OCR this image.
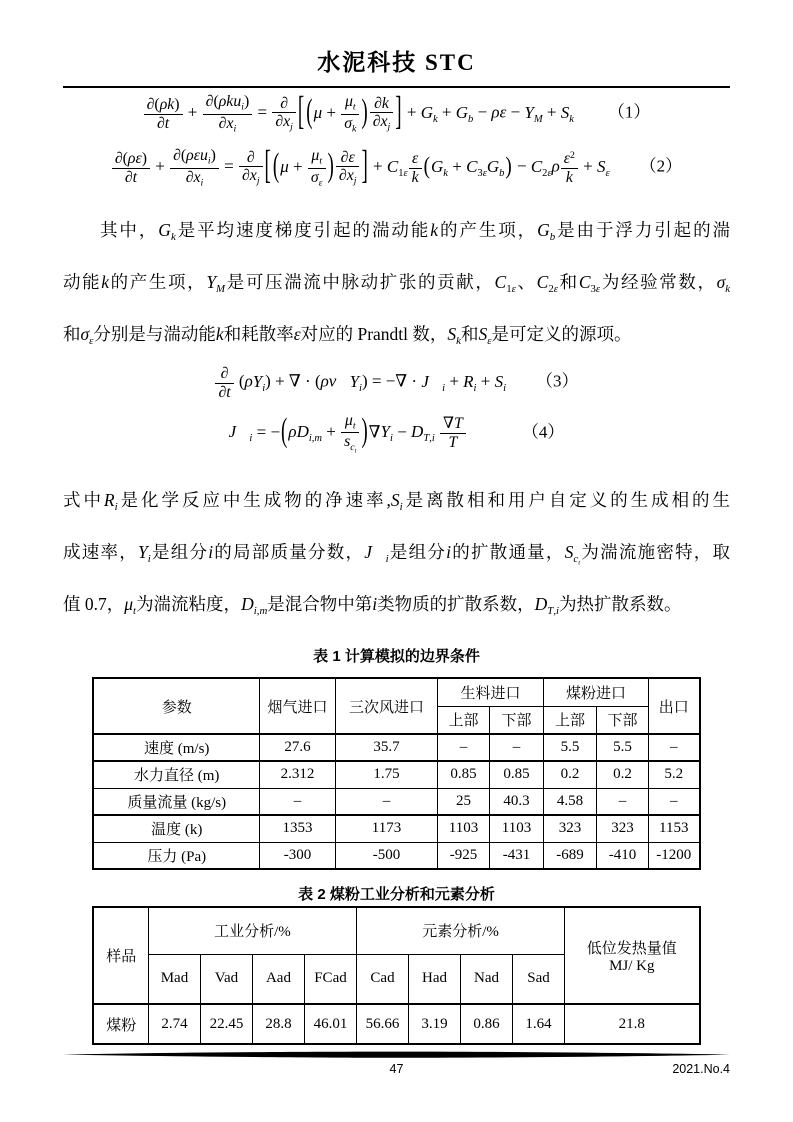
水泥科技 STC
$\frac{\partial(\rho k)}{\partial t}$ +
∂(ρku$_i$)
$\partial x_i$
= ∂
$\partial x_j$ [ ($\mu + \frac{\mu_t}{\sigma_k}$ ) $\frac{\partial k}{\partial x_j}$ ] + $G_k + G_b - \rho\varepsilon - Y_M + S_k$ （1）
$\frac{\partial(\rho\varepsilon)}{\partial t}$ +
∂(ρεu$_i$)
$\partial x_i$
= ∂
$\partial x_j$ [ ($\mu + \frac{\mu_t}{\sigma_\varepsilon}$ ) $\frac{\partial\varepsilon}{\partial x_j}$ ] + $C_{1\varepsilon} \frac{\varepsilon}{k} (G_k + C_{3\varepsilon}G_b) - C_{2\varepsilon}\rho \frac{\varepsilon^2}{k} + S_\varepsilon$ （2）
其中，$G_k$是平均速度梯度引起的湍动能k的产生项，$G_b$是由于浮力引起的湍
动能k的产生项，$Y_M$是可压湍流中脉动扩张的贡献，$C_{1\varepsilon}$、$C_{2\varepsilon}$和$C_{3\varepsilon}$为经验常数，$\sigma_k$
和$\sigma_\varepsilon$分别是与湍动能k和耗散率ε对应的 Prandtl 数，$S_k$和$S_\varepsilon$是可定义的源项。
∂
∂t
$(\rho Y_i)$ + ∇ · $(\rho v⃗Y_i)$ = −∇ · $J⃗_i + R_i + S_i$ （3）
$J⃗_i = -(\rho D_{i,m}$ +
$\mu_t$
$s_{c_t}$
)$\nabla Y_i - D_{T,i} \frac{\nabla T}{T}$	（4）
式中$R_i$是化学反应中生成物的净速率$,S_i$是离散相和用户自定义的生成相的生
成速率，$Y_i$是组分i的局部质量分数，$J⃗_i$是组分i的扩散通量，$S_{c_t}$为湍流施密特，取
值 0.7，$\mu_t$为湍流粘度，$D_{i,m}$是混合物中第i类物质的扩散系数，$D_{T,i}$为热扩散系数。
表 1 计算模拟的边界条件
参数	烟气进口	三次风进口	生料进口		煤粉进口		出口
			上部	下部	上部	下部	
速度 (m/s)	27.6	35.7	–	–	5.5	5.5	–
水力直径 (m)	2.312	1.75	0.85	0.85	0.2	0.2	5.2
质量流量 (kg/s)	–	–	25	40.3	4.58	–	–
温度 (k)	1353	1173	1103	1103	323	323	1153
压力 (Pa)	-300	-500	-925	-431	-689	-410	-1200
表 2 煤粉工业分析和元素分析
样品	工业分析/%				元素分析/%				低位发热量值
MJ/ Kg

	Mad	Vad	Aad	FCad	Cad	Had	Nad	Sad	
煤粉	2.74	22.45	28.8	46.01	56.66	3.19	0.86	1.64	21.8
47	2021.No.4
